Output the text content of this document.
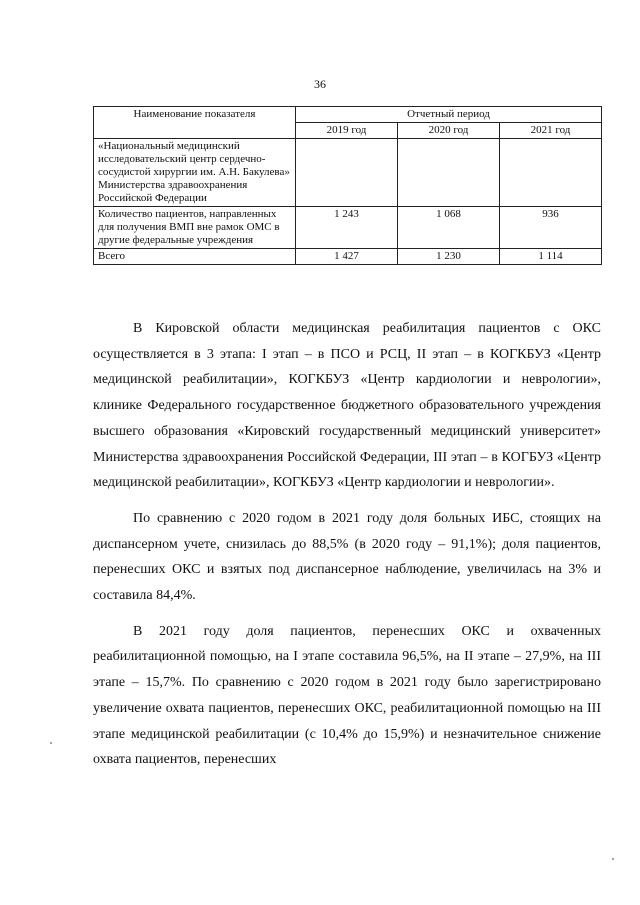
36
Наименование показателя	Отчетный период		
	2019 год	2020 год	2021 год
«Национальный медицинский исследовательский центр сердечно-сосудистой хирургии им. А.Н. Бакулева» Министерства здравоохранения Российской Федерации			
Количество пациентов, направленных для получения ВМП вне рамок ОМС в другие федеральные учреждения	1 243	1 068	936
Всего	1 427	1 230	1 114

В Кировской области медицинская реабилитация пациентов с ОКС осуществляется в 3 этапа: I этап – в ПСО и РСЦ, II этап – в КОГКБУЗ «Центр медицинской реабилитации», КОГКБУЗ «Центр кардиологии и неврологии», клинике Федерального государственное бюджетного образовательного учреждения высшего образования «Кировский государственный медицинский университет» Министерства здравоохранения Российской Федерации, III этап – в КОГБУЗ «Центр медицинской реабилитации», КОГКБУЗ «Центр кардиологии и неврологии».

По сравнению с 2020 годом в 2021 году доля больных ИБС, стоящих на диспансерном учете, снизилась до 88,5% (в 2020 году – 91,1%); доля пациентов, перенесших ОКС и взятых под диспансерное наблюдение, увеличилась на 3% и составила 84,4%.

В 2021 году доля пациентов, перенесших ОКС и охваченных реабилитационной помощью, на I этапе составила 96,5%, на II этапе – 27,9%, на III этапе – 15,7%. По сравнению с 2020 годом в 2021 году было зарегистрировано увеличение охвата пациентов, перенесших ОКС, реабилитационной помощью на III этапе медицинской реабилитации (с 10,4% до 15,9%) и незначительное снижение охвата пациентов, перенесших
